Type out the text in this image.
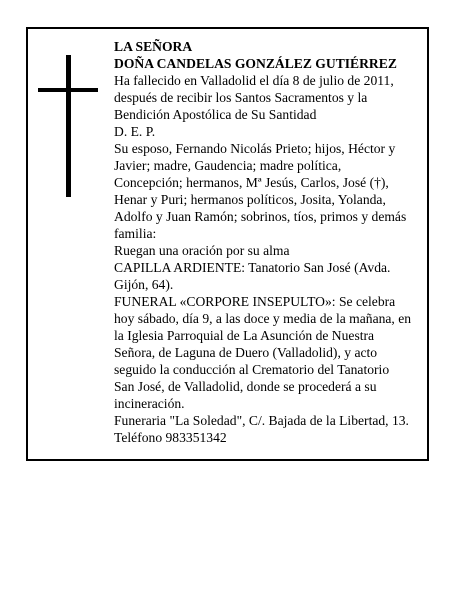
LA SEÑORA

DOÑA CANDELAS GONZÁLEZ GUTIÉRREZ

Ha fallecido en Valladolid el día 8 de julio de 2011, después de recibir los Santos Sacramentos y la Bendición Apostólica de Su Santidad

D. E. P.

Su esposo, Fernando Nicolás Prieto; hijos, Héctor y Javier; madre, Gaudencia; madre política, Concepción; hermanos, Mª Jesús, Carlos, José (†), Henar y Puri; hermanos políticos, Josita, Yolanda, Adolfo y Juan Ramón; sobrinos, tíos, primos y demás familia:

Ruegan una oración por su alma

CAPILLA ARDIENTE: Tanatorio San José (Avda. Gijón, 64).

FUNERAL «CORPORE INSEPULTO»: Se celebra hoy sábado, día 9, a las doce y media de la mañana, en la Iglesia Parroquial de La Asunción de Nuestra Señora, de Laguna de Duero (Valladolid), y acto seguido la conducción al Crematorio del Tanatorio San José, de Valladolid, donde se procederá a su incineración.

Funeraria "La Soledad", C/. Bajada de la Libertad, 13. Teléfono 983351342
